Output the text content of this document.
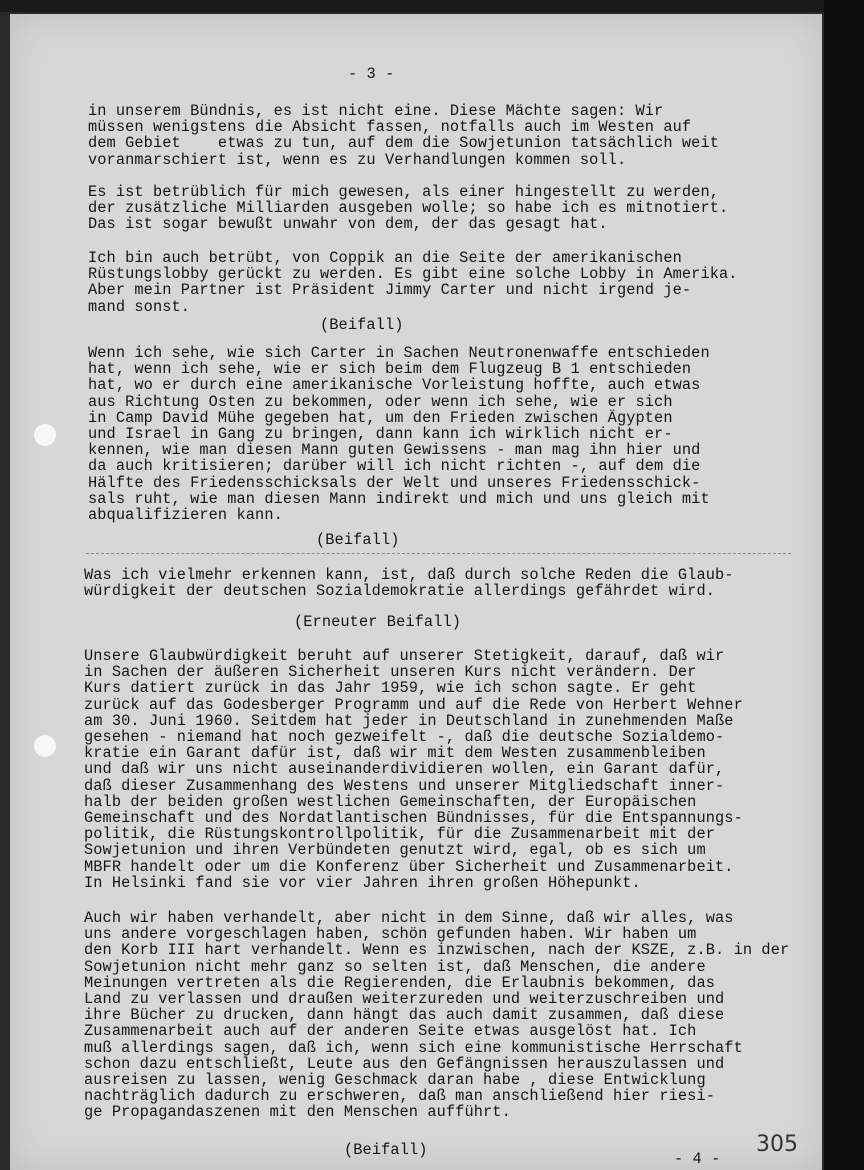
- 3 -
in unserem Bündnis, es ist nicht eine. Diese Mächte sagen: Wir
müssen wenigstens die Absicht fassen, notfalls auch im Westen auf
dem Gebiet    etwas zu tun, auf dem die Sowjetunion tatsächlich weit
voranmarschiert ist, wenn es zu Verhandlungen kommen soll.
Es ist betrüblich für mich gewesen, als einer hingestellt zu werden,
der zusätzliche Milliarden ausgeben wolle; so habe ich es mitnotiert.
Das ist sogar bewußt unwahr von dem, der das gesagt hat.
Ich bin auch betrübt, von Coppik an die Seite der amerikanischen
Rüstungslobby gerückt zu werden. Es gibt eine solche Lobby in Amerika.
Aber mein Partner ist Präsident Jimmy Carter und nicht irgend je-
mand sonst.
(Beifall)
Wenn ich sehe, wie sich Carter in Sachen Neutronenwaffe entschieden
hat, wenn ich sehe, wie er sich beim dem Flugzeug B 1 entschieden
hat, wo er durch eine amerikanische Vorleistung hoffte, auch etwas
aus Richtung Osten zu bekommen, oder wenn ich sehe, wie er sich
in Camp David Mühe gegeben hat, um den Frieden zwischen Ägypten
und Israel in Gang zu bringen, dann kann ich wirklich nicht er-
kennen, wie man diesen Mann guten Gewissens - man mag ihn hier und
da auch kritisieren; darüber will ich nicht richten -, auf dem die
Hälfte des Friedensschicksals der Welt und unseres Friedensschick-
sals ruht, wie man diesen Mann indirekt und mich und uns gleich mit
abqualifizieren kann.
(Beifall)
Was ich vielmehr erkennen kann, ist, daß durch solche Reden die Glaub-
würdigkeit der deutschen Sozialdemokratie allerdings gefährdet wird.
(Erneuter Beifall)
Unsere Glaubwürdigkeit beruht auf unserer Stetigkeit, darauf, daß wir
in Sachen der äußeren Sicherheit unseren Kurs nicht verändern. Der
Kurs datiert zurück in das Jahr 1959, wie ich schon sagte. Er geht
zurück auf das Godesberger Programm und auf die Rede von Herbert Wehner
am 30. Juni 1960. Seitdem hat jeder in Deutschland in zunehmenden Maße
gesehen - niemand hat noch gezweifelt -, daß die deutsche Sozialdemo-
kratie ein Garant dafür ist, daß wir mit dem Westen zusammenbleiben
und daß wir uns nicht auseinanderdividieren wollen, ein Garant dafür,
daß dieser Zusammenhang des Westens und unserer Mitgliedschaft inner-
halb der beiden großen westlichen Gemeinschaften, der Europäischen
Gemeinschaft und des Nordatlantischen Bündnisses, für die Entspannungs-
politik, die Rüstungskontrollpolitik, für die Zusammenarbeit mit der
Sowjetunion und ihren Verbündeten genutzt wird, egal, ob es sich um
MBFR handelt oder um die Konferenz über Sicherheit und Zusammenarbeit.
In Helsinki fand sie vor vier Jahren ihren großen Höhepunkt.
Auch wir haben verhandelt, aber nicht in dem Sinne, daß wir alles, was
uns andere vorgeschlagen haben, schön gefunden haben. Wir haben um
den Korb III hart verhandelt. Wenn es inzwischen, nach der KSZE, z.B. in der
Sowjetunion nicht mehr ganz so selten ist, daß Menschen, die andere
Meinungen vertreten als die Regierenden, die Erlaubnis bekommen, das
Land zu verlassen und draußen weiterzureden und weiterzuschreiben und
ihre Bücher zu drucken, dann hängt das auch damit zusammen, daß diese
Zusammenarbeit auch auf der anderen Seite etwas ausgelöst hat. Ich
muß allerdings sagen, daß ich, wenn sich eine kommunistische Herrschaft
schon dazu entschließt, Leute aus den Gefängnissen herauszulassen und
ausreisen zu lassen, wenig Geschmack daran habe , diese Entwicklung
nachträglich dadurch zu erschweren, daß man anschließend hier riesi-
ge Propagandaszenen mit den Menschen aufführt.
(Beifall)	- 4 -
305
